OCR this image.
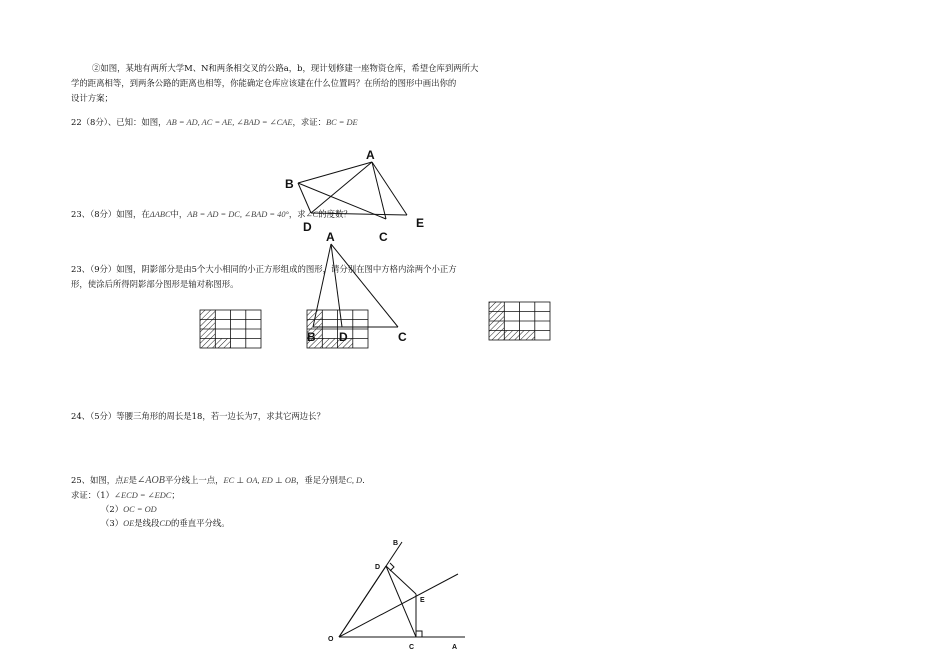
②如图，某地有两所大学M、N和两条相交叉的公路a，b，现计划修建一座物资仓库，希望仓库到两所大
学的距离相等，到两条公路的距离也相等，你能确定仓库应该建在什么位置吗？在所给的图形中画出你的
设计方案；
22（8分）、已知：如图，AB = AD, AC = AE, ∠BAD = ∠CAE，求证：BC = DE
23、（8分）如图，在ΔABC中，AB = AD = DC, ∠BAD = 40°，求∠C的度数？
23、（9分）如图，阴影部分是由5个大小相同的小正方形组成的图形，请分别在图中方格内涂两个小正方
形，使涂后所得阴影部分图形是轴对称图形。
24、（5分）等腰三角形的周长是18，若一边长为7，求其它两边长？
25、如图，点E是∠AOB平分线上一点，EC ⊥ OA, ED ⊥ OB，垂足分别是C, D.
求证：（1）∠ECD = ∠EDC；
（2）OC = OD
（3）OE是线段CD的垂直平分线。
A
B
D
C
E
A
B D	C
B
D
E
O
C	A
